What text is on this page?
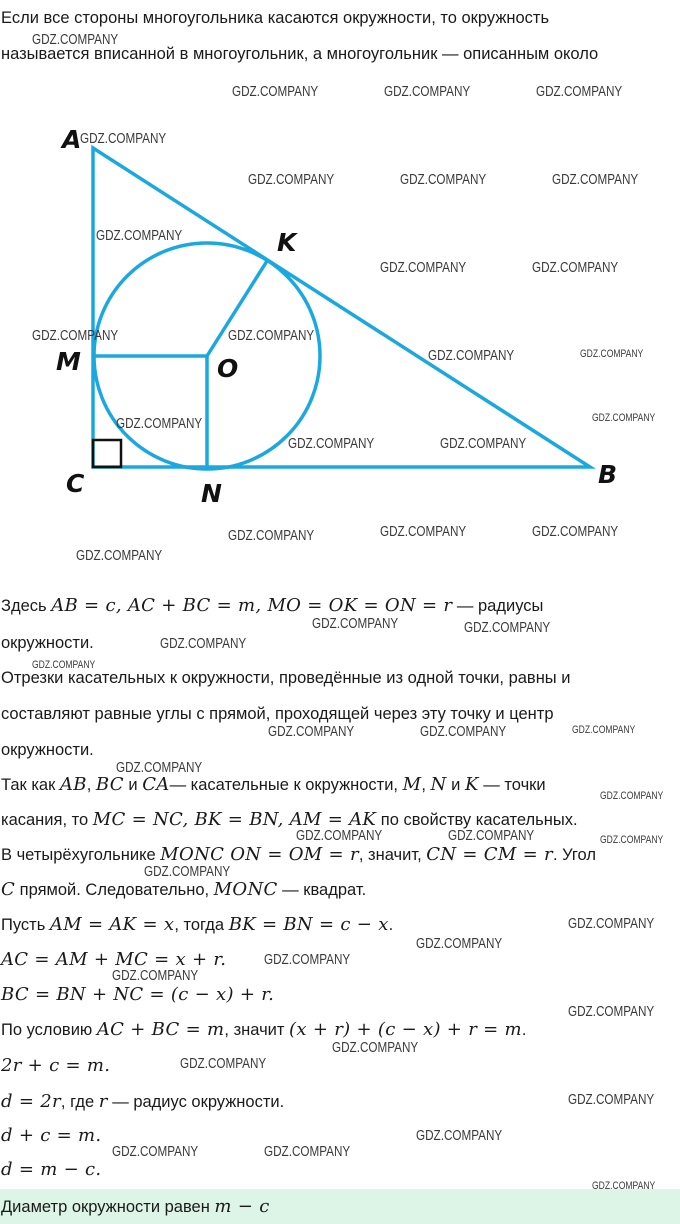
Если все стороны многоугольника касаются окружности, то окружность
называется вписанной в многоугольник, а многоугольник — описанным около
A
B
C
K
M
N
O
Здесь AB = c, AC + BC = m, MO = OK = ON = r — радиусы
окружности.
Отрезки касательных к окружности, проведённые из одной точки, равны и
составляют равные углы с прямой, проходящей через эту точку и центр
окружности.
Так как AB, BC и CA— касательные к окружности, M, N и K — точки
касания, то MC = NC, BK = BN, AM = AK по свойству касательных.
В четырёхугольнике MONC ON = OM = r, значит, CN = CM = r. Угол
C прямой. Следовательно, MONC — квадрат.
Пусть AM = AK = x, тогда BK = BN = c − x.
AC = AM + MC = x + r.
BC = BN + NC = (c − x) + r.
По условию AC + BC = m, значит (x + r) + (c − x) + r = m.
2r + c = m.
d = 2r, где r — радиус окружности.
d + c = m.
d = m − c.
Диаметр окружности равен m − c
GDZ.COMPANY
GDZ.COMPANY	GDZ.COMPANY	GDZ.COMPANY
GDZ.COMPANY
GDZ.COMPANY	GDZ.COMPANY	GDZ.COMPANY
GDZ.COMPANY
GDZ.COMPANY	GDZ.COMPANY
GDZ.COMPANY	GDZ.COMPANY
GDZ.COMPANY	GDZ.COMPANY
GDZ.COMPANY
GDZ.COMPANY
GDZ.COMPANY	GDZ.COMPANY
GDZ.COMPANY	GDZ.COMPANY	GDZ.COMPANY
GDZ.COMPANY
GDZ.COMPANY	GDZ.COMPANY
GDZ.COMPANY
GDZ.COMPANY
GDZ.COMPANY	GDZ.COMPANY	GDZ.COMPANY
GDZ.COMPANY
GDZ.COMPANY
GDZ.COMPANY	GDZ.COMPANY	GDZ.COMPANY
GDZ.COMPANY
GDZ.COMPANY
GDZ.COMPANY
GDZ.COMPANY
GDZ.COMPANY
GDZ.COMPANY
GDZ.COMPANY
GDZ.COMPANY
GDZ.COMPANY
GDZ.COMPANY
GDZ.COMPANY	GDZ.COMPANY
GDZ.COMPANY
